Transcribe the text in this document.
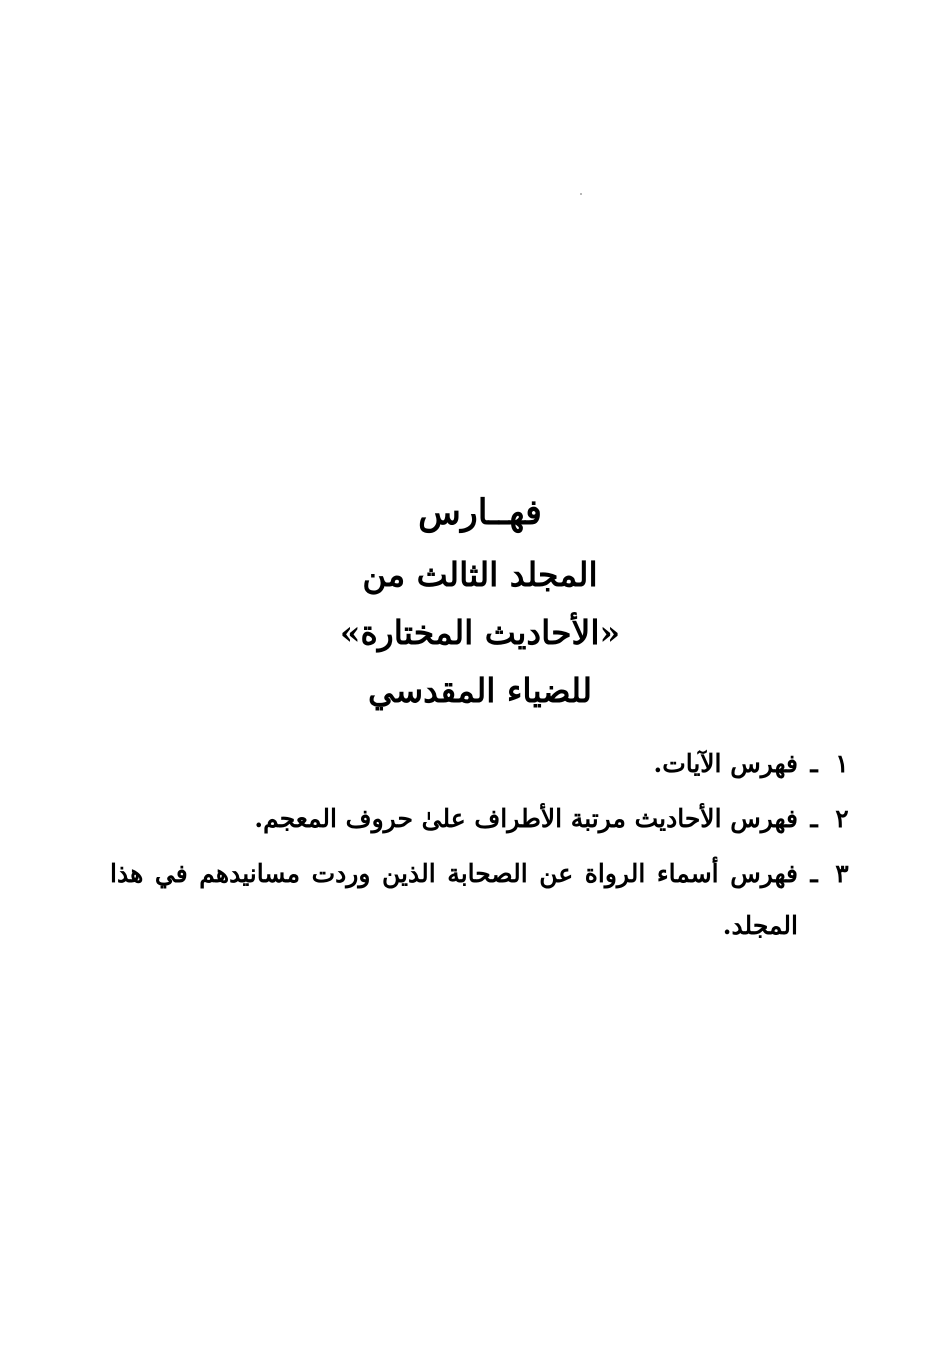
فهــارس
المجلد الثالث من
«الأحاديث المختارة»
للضياء المقدسي
١
ـ
فهرس الآيات.
٢
ـ
فهرس الأحاديث مرتبة الأطراف علىٰ حروف المعجم.
٣
ـ
فهرس أسماء الرواة عن الصحابة الذين وردت مسانيدهم في هذا المجلد.
